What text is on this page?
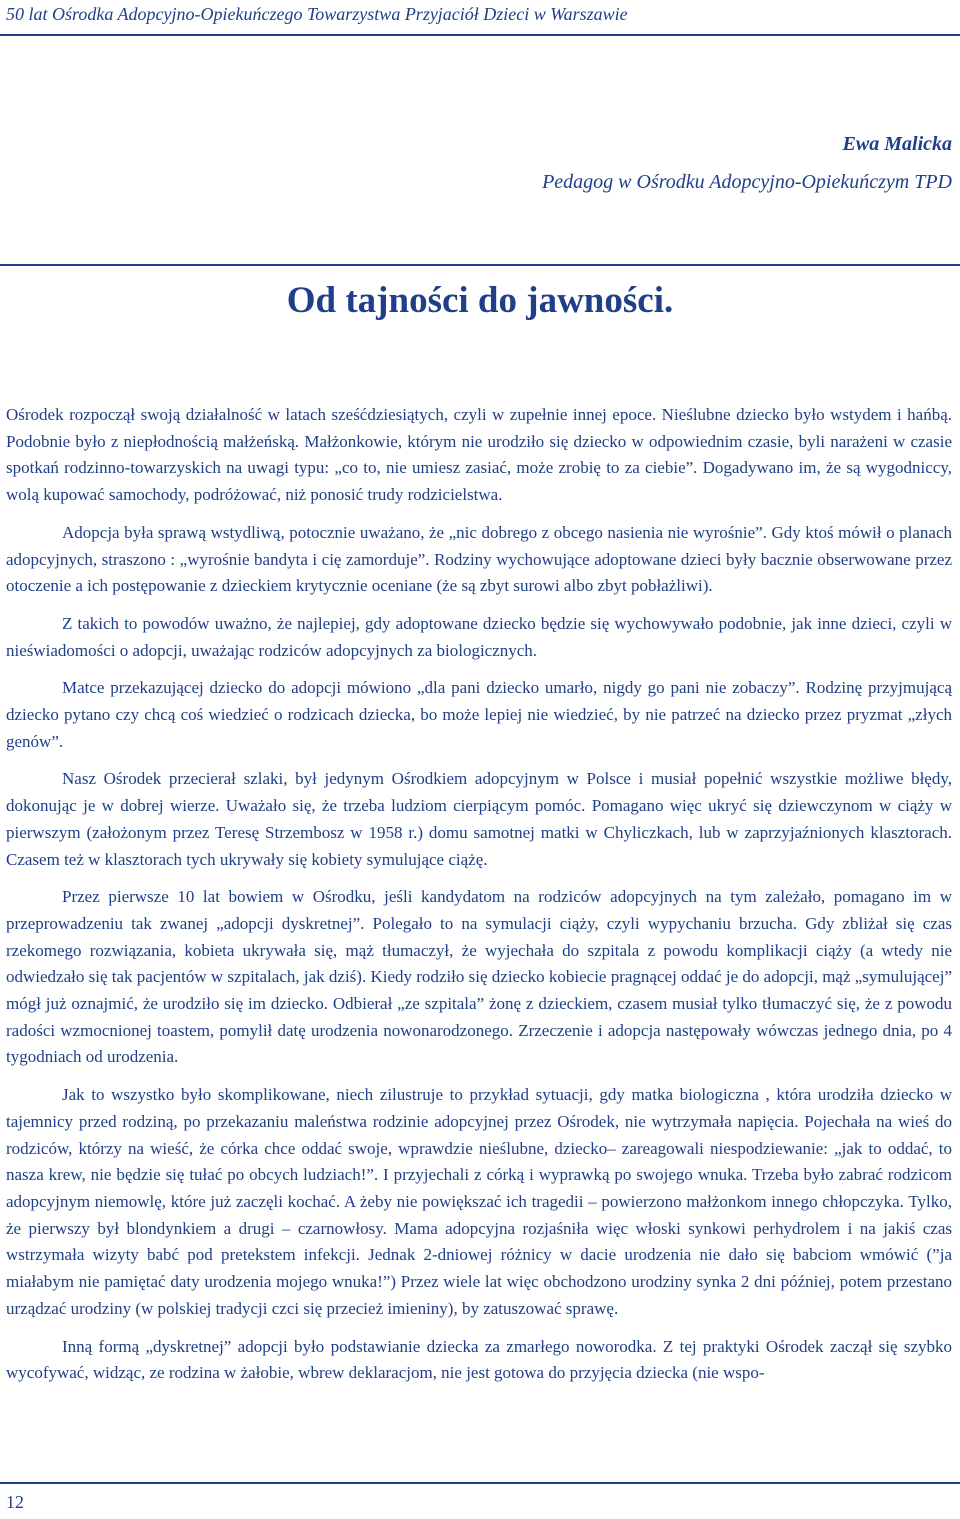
50 lat Ośrodka Adopcyjno-Opiekuńczego Towarzystwa Przyjaciół Dzieci w Warszawie
Ewa Malicka
Pedagog w Ośrodku Adopcyjno-Opiekuńczym TPD
Od tajności do jawności.

Ośrodek rozpoczął swoją działalność w latach sześćdziesiątych, czyli w zupełnie innej epoce. Nieślubne dziecko było wstydem i hańbą. Podobnie było z niepłodnością małżeńską. Małżonkowie, którym nie urodziło się dziecko w odpowiednim czasie, byli narażeni w czasie spotkań rodzinno-towarzyskich na uwagi typu: „co to, nie umiesz zasiać, może zrobię to za ciebie”. Dogadywano im, że są wygodniccy, wolą kupować samochody, podróżować, niż ponosić trudy rodzicielstwa.

Adopcja była sprawą wstydliwą, potocznie uważano, że „nic dobrego z obcego nasienia nie wyrośnie”. Gdy ktoś mówił o planach adopcyjnych, straszono : „wyrośnie bandyta i cię zamorduje”. Rodziny wychowujące adoptowane dzieci były bacznie obserwowane przez otoczenie a ich postępowanie z dzieckiem krytycznie oceniane (że są zbyt surowi albo zbyt pobłażliwi).

Z takich to powodów uważno, że najlepiej, gdy adoptowane dziecko będzie się wychowywało podobnie, jak inne dzieci, czyli w nieświadomości o adopcji, uważając rodziców adopcyjnych za biologicznych.

Matce przekazującej dziecko do adopcji mówiono „dla pani dziecko umarło, nigdy go pani nie zobaczy”. Rodzinę przyjmującą dziecko pytano czy chcą coś wiedzieć o rodzicach dziecka, bo może lepiej nie wiedzieć, by nie patrzeć na dziecko przez pryzmat „złych genów”.

Nasz Ośrodek przecierał szlaki, był jedynym Ośrodkiem adopcyjnym w Polsce i musiał popełnić wszystkie możliwe błędy, dokonując je w dobrej wierze. Uważało się, że trzeba ludziom cierpiącym pomóc. Pomagano więc ukryć się dziewczynom w ciąży w pierwszym (założonym przez Teresę Strzembosz w 1958 r.) domu samotnej matki w Chyliczkach, lub w zaprzyjaźnionych klasztorach. Czasem też w klasztorach tych ukrywały się kobiety symulujące ciążę.

Przez pierwsze 10 lat bowiem w Ośrodku, jeśli kandydatom na rodziców adopcyjnych na tym zależało, pomagano im w przeprowadzeniu tak zwanej „adopcji dyskretnej”. Polegało to na symulacji ciąży, czyli wypychaniu brzucha. Gdy zbliżał się czas rzekomego rozwiązania, kobieta ukrywała się, mąż tłumaczył, że wyjechała do szpitala z powodu komplikacji ciąży (a wtedy nie odwiedzało się tak pacjentów w szpitalach, jak dziś). Kiedy rodziło się dziecko kobiecie pragnącej oddać je do adopcji, mąż „symulującej” mógł już oznajmić, że urodziło się im dziecko. Odbierał „ze szpitala” żonę z dzieckiem, czasem musiał tylko tłumaczyć się, że z powodu radości wzmocnionej toastem, pomylił datę urodzenia nowonarodzonego. Zrzeczenie i adopcja następowały wówczas jednego dnia, po 4 tygodniach od urodzenia.

Jak to wszystko było skomplikowane, niech zilustruje to przykład sytuacji, gdy matka biologiczna , która urodziła dziecko w tajemnicy przed rodziną, po przekazaniu maleństwa rodzinie adopcyjnej przez Ośrodek, nie wytrzymała napięcia. Pojechała na wieś do rodziców, którzy na wieść, że córka chce oddać swoje, wprawdzie nieślubne, dziecko– zareagowali niespodziewanie: „jak to oddać, to nasza krew, nie będzie się tułać po obcych ludziach!”. I przyjechali z córką i wyprawką po swojego wnuka. Trzeba było zabrać rodzicom adopcyjnym niemowlę, które już zaczęli kochać. A żeby nie powiększać ich tragedii – powierzono małżonkom innego chłopczyka. Tylko, że pierwszy był blondynkiem a drugi – czarnowłosy. Mama adopcyjna rozjaśniła więc włoski synkowi perhydrolem i na jakiś czas wstrzymała wizyty babć pod pretekstem infekcji. Jednak 2-dniowej różnicy w dacie urodzenia nie dało się babciom wmówić (”ja miałabym nie pamiętać daty urodzenia mojego wnuka!”) Przez wiele lat więc obchodzono urodziny synka 2 dni później, potem przestano urządzać urodziny (w polskiej tradycji czci się przecież imieniny), by zatuszować sprawę.

Inną formą „dyskretnej” adopcji było podstawianie dziecka za zmarłego noworodka. Z tej praktyki Ośrodek zaczął się szybko wycofywać, widząc, ze rodzina w żałobie, wbrew deklaracjom, nie jest gotowa do przyjęcia dziecka (nie wspo-

12
